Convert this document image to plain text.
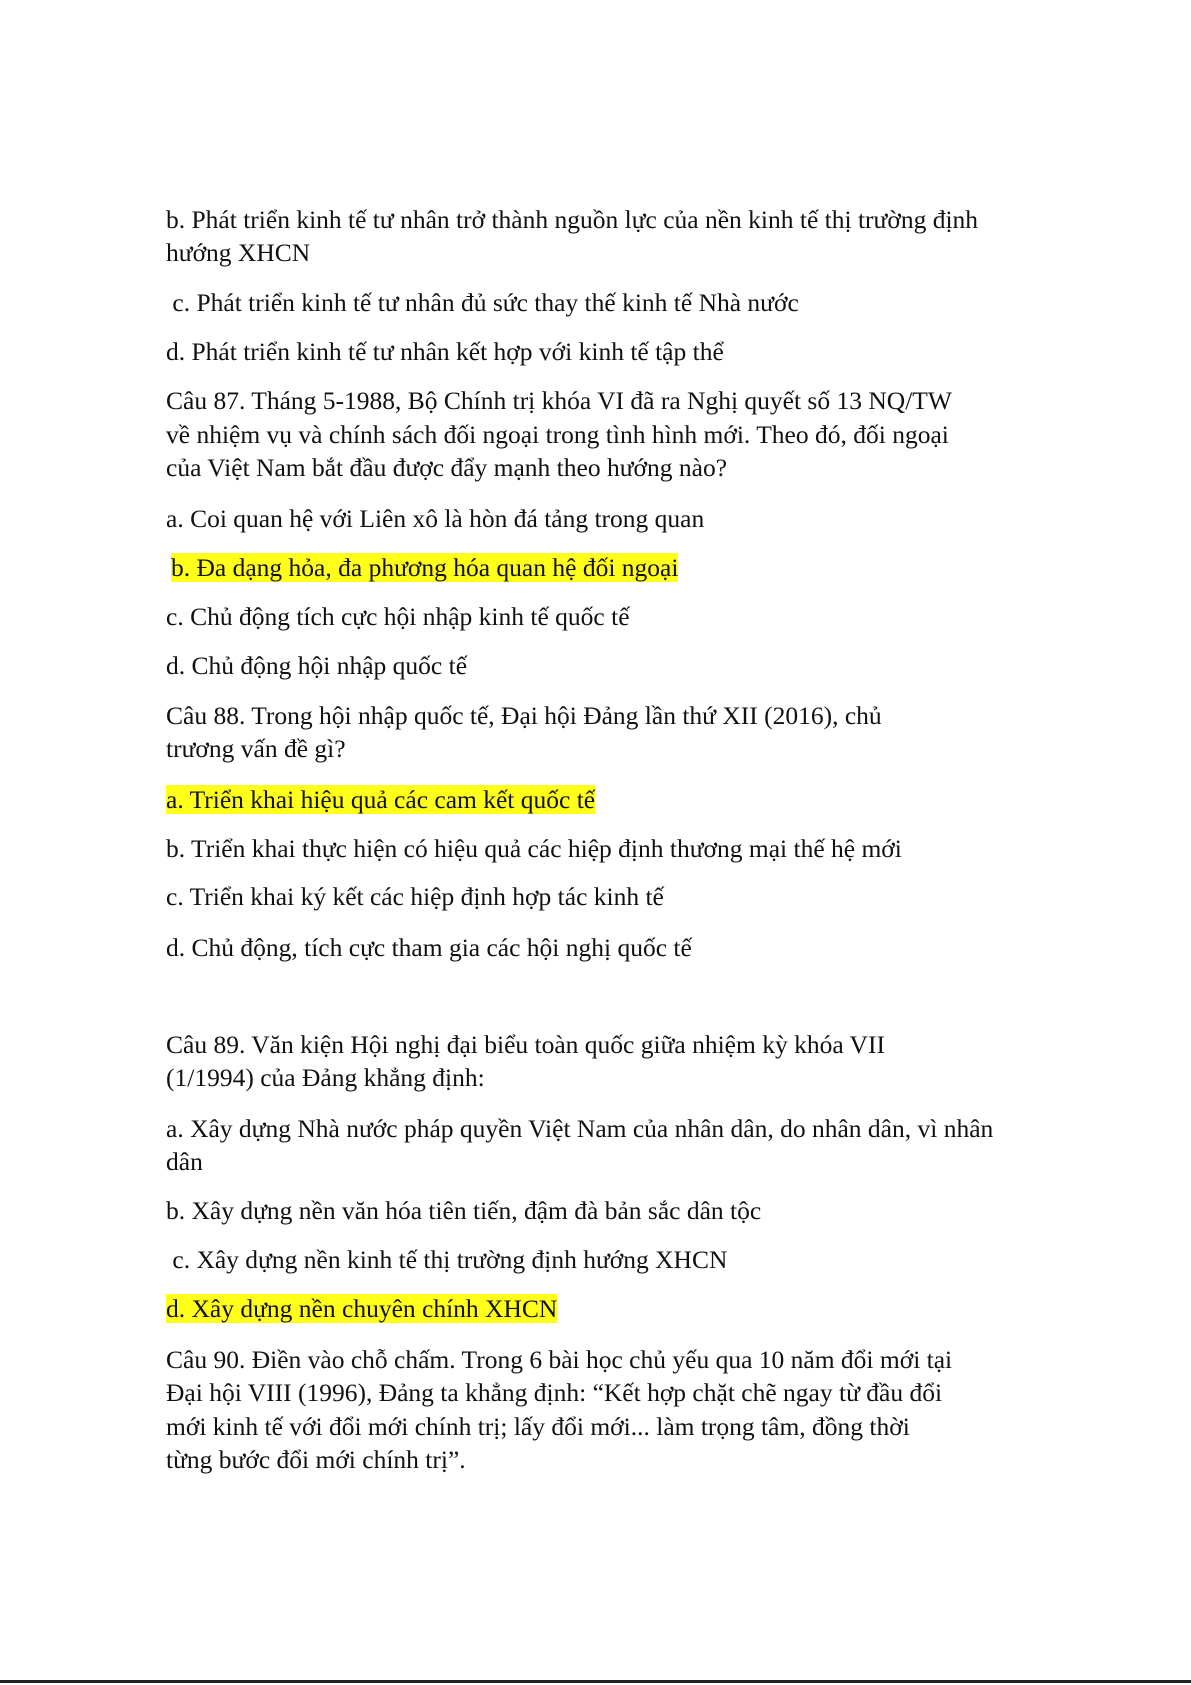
b. Phát triển kinh tế tư nhân trở thành nguồn lực của nền kinh tế thị trường định

hướng XHCN

c. Phát triển kinh tế tư nhân đủ sức thay thế kinh tế Nhà nước

d. Phát triển kinh tế tư nhân kết hợp với kinh tế tập thể

Câu 87. Tháng 5-1988, Bộ Chính trị khóa VI đã ra Nghị quyết số 13 NQ/TW

về nhiệm vụ và chính sách đối ngoại trong tình hình mới. Theo đó, đối ngoại

của Việt Nam bắt đầu được đẩy mạnh theo hướng nào?

a. Coi quan hệ với Liên xô là hòn đá tảng trong quan

b. Đa dạng hỏa, đa phương hóa quan hệ đối ngoại

c. Chủ động tích cực hội nhập kinh tế quốc tế

d. Chủ động hội nhập quốc tế

Câu 88. Trong hội nhập quốc tế, Đại hội Đảng lần thứ XII (2016), chủ

trương vấn đề gì?

a. Triển khai hiệu quả các cam kết quốc tế

b. Triển khai thực hiện có hiệu quả các hiệp định thương mại thế hệ mới

c. Triển khai ký kết các hiệp định hợp tác kinh tế

d. Chủ động, tích cực tham gia các hội nghị quốc tế

Câu 89. Văn kiện Hội nghị đại biểu toàn quốc giữa nhiệm kỳ khóa VII

(1/1994) của Đảng khẳng định:

a. Xây dựng Nhà nước pháp quyền Việt Nam của nhân dân, do nhân dân, vì nhân

dân

b. Xây dựng nền văn hóa tiên tiến, đậm đà bản sắc dân tộc

c. Xây dựng nền kinh tế thị trường định hướng XHCN

d. Xây dựng nền chuyên chính XHCN

Câu 90. Điền vào chỗ chấm. Trong 6 bài học chủ yếu qua 10 năm đổi mới tại

Đại hội VIII (1996), Đảng ta khẳng định: “Kết hợp chặt chẽ ngay từ đầu đổi

mới kinh tế với đổi mới chính trị; lấy đổi mới... làm trọng tâm, đồng thời

từng bước đổi mới chính trị”.
